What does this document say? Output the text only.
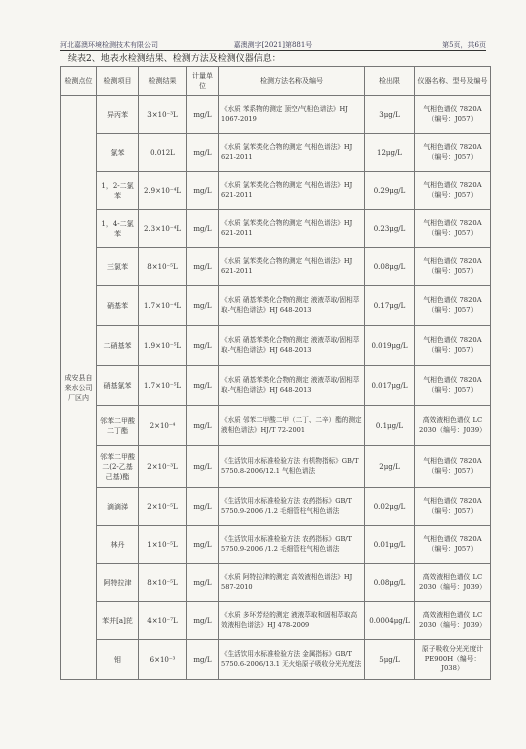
河北嘉澳环境检测技术有限公司	嘉澳测字[2021]第881号	第5页，共6页
续表2、地表水检测结果、检测方法及检测仪器信息：
检测点位	检测项目	检测结果	计量单位	检测方法名称及编号	检出限	仪器名称、型号及编号
成安县自来水公司厂区内	异丙苯	3×10⁻³L	mg/L	《水质 苯系物的测定 顶空/气相色谱法》HJ 1067-2019	3μg/L	气相色谱仪 7820A（编号：J057）
	氯苯	0.012L	mg/L	《水质 氯苯类化合物的测定 气相色谱法》HJ 621-2011	12μg/L	气相色谱仪 7820A（编号：J057）
	1，2-二氯苯	2.9×10⁻⁴L	mg/L	《水质 氯苯类化合物的测定 气相色谱法》HJ 621-2011	0.29μg/L	气相色谱仪 7820A（编号：J057）
	1，4-二氯苯	2.3×10⁻⁴L	mg/L	《水质 氯苯类化合物的测定 气相色谱法》HJ 621-2011	0.23μg/L	气相色谱仪 7820A（编号：J057）
	三氯苯	8×10⁻⁵L	mg/L	《水质 氯苯类化合物的测定 气相色谱法》HJ 621-2011	0.08μg/L	气相色谱仪 7820A（编号：J057）
	硝基苯	1.7×10⁻⁴L	mg/L	《水质 硝基苯类化合物的测定 液液萃取/固相萃取-气相色谱法》HJ 648-2013	0.17μg/L	气相色谱仪 7820A（编号：J057）
	二硝基苯	1.9×10⁻⁵L	mg/L	《水质 硝基苯类化合物的测定 液液萃取/固相萃取-气相色谱法》HJ 648-2013	0.019μg/L	气相色谱仪 7820A（编号：J057）
	硝基氯苯	1.7×10⁻⁵L	mg/L	《水质 硝基苯类化合物的测定 液液萃取/固相萃取-气相色谱法》HJ 648-2013	0.017μg/L	气相色谱仪 7820A（编号：J057）
	邻苯二甲酸二丁酯	2×10⁻⁴	mg/L	《水质 邻苯二甲酸二甲（二丁、二辛）酯的测定 液相色谱法》HJ/T 72-2001	0.1μg/L	高效液相色谱仪 LC 2030（编号：J039）
	邻苯二甲酸二(2-乙基己基)酯	2×10⁻³L	mg/L	《生活饮用水标准检验方法 有机物指标》GB/T 5750.8-2006/12.1 气相色谱法	2μg/L	气相色谱仪 7820A（编号：J057）
	滴滴涕	2×10⁻⁵L	mg/L	《生活饮用水标准检验方法 农药指标》GB/T 5750.9-2006 /1.2 毛细管柱气相色谱法	0.02μg/L	气相色谱仪 7820A（编号：J057）
	林丹	1×10⁻⁵L	mg/L	《生活饮用水标准检验方法 农药指标》GB/T 5750.9-2006 /1.2 毛细管柱气相色谱法	0.01μg/L	气相色谱仪 7820A（编号：J057）
	阿特拉津	8×10⁻⁵L	mg/L	《水质 阿特拉津的测定 高效液相色谱法》HJ 587-2010	0.08μg/L	高效液相色谱仪 LC 2030（编号：J039）
	苯并[a]芘	4×10⁻⁷L	mg/L	《水质 多环芳烃的测定 液液萃取和固相萃取高效液相色谱法》HJ 478-2009	0.0004μg/L	高效液相色谱仪 LC 2030（编号：J039）
	钼	6×10⁻³	mg/L	《生活饮用水标准检验方法 金属指标》GB/T 5750.6-2006/13.1 无火焰原子吸收分光光度法	5μg/L	原子吸收分光光度计 PE900H（编号：J038）
